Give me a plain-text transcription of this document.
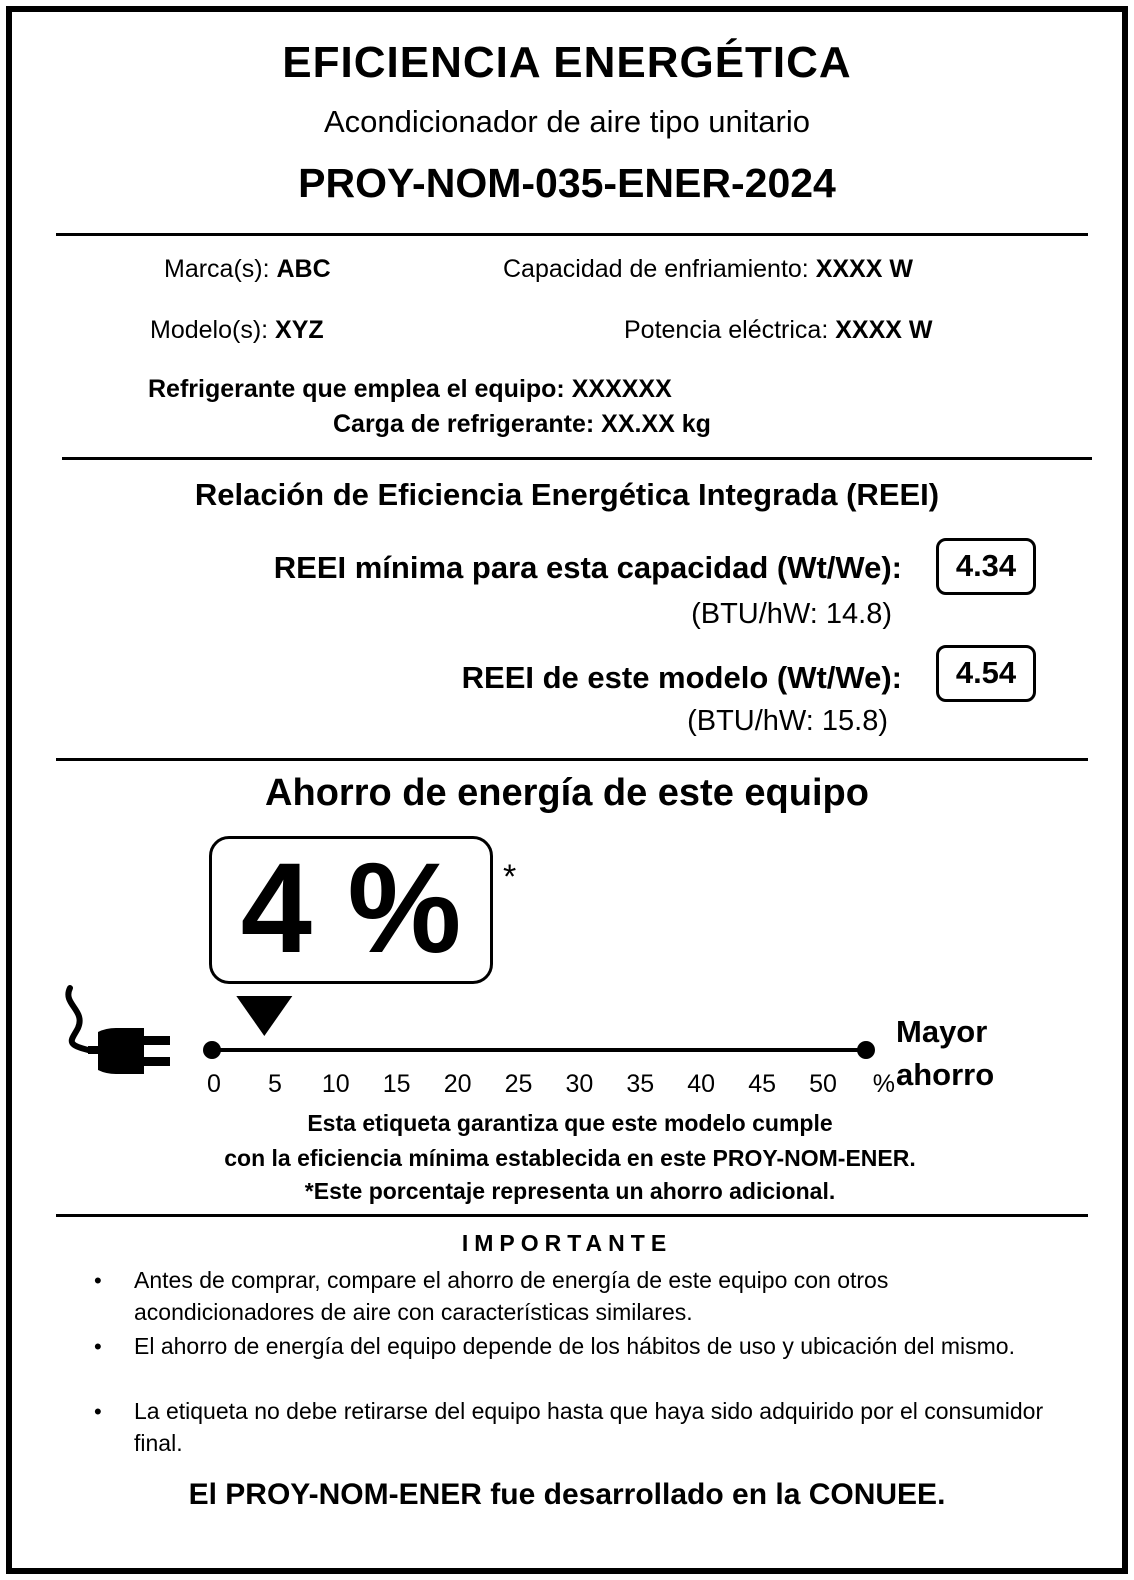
EFICIENCIA ENERGÉTICA
Acondicionador de aire tipo unitario
PROY-NOM-035-ENER-2024
Marca(s): ABC	Capacidad de enfriamiento: XXXX W
Modelo(s): XYZ	Potencia eléctrica: XXXX W
Refrigerante que emplea el equipo: XXXXXX
Carga de refrigerante: XX.XX kg
Relación de Eficiencia Energética Integrada (REEI)
REEI mínima para esta capacidad (Wt/We):
(BTU/hW: 14.8)
4.34
REEI de este modelo (Wt/We):
(BTU/hW: 15.8)
4.54
Ahorro de energía de este equipo
4 %	*
0	5	10 15 20 25 30 35 40 45 50	%
Mayor
ahorro
Esta etiqueta garantiza que este modelo cumple
con la eficiencia mínima establecida en este PROY-NOM-ENER.
*Este porcentaje representa un ahorro adicional.
IMPORTANTE
• Antes de comprar, compare el ahorro de energía de este equipo con otros acondicionadores de aire con características similares.
• El ahorro de energía del equipo depende de los hábitos de uso y ubicación del mismo.
• La etiqueta no debe retirarse del equipo hasta que haya sido adquirido por el consumidor final.
El PROY-NOM-ENER fue desarrollado en la CONUEE.
